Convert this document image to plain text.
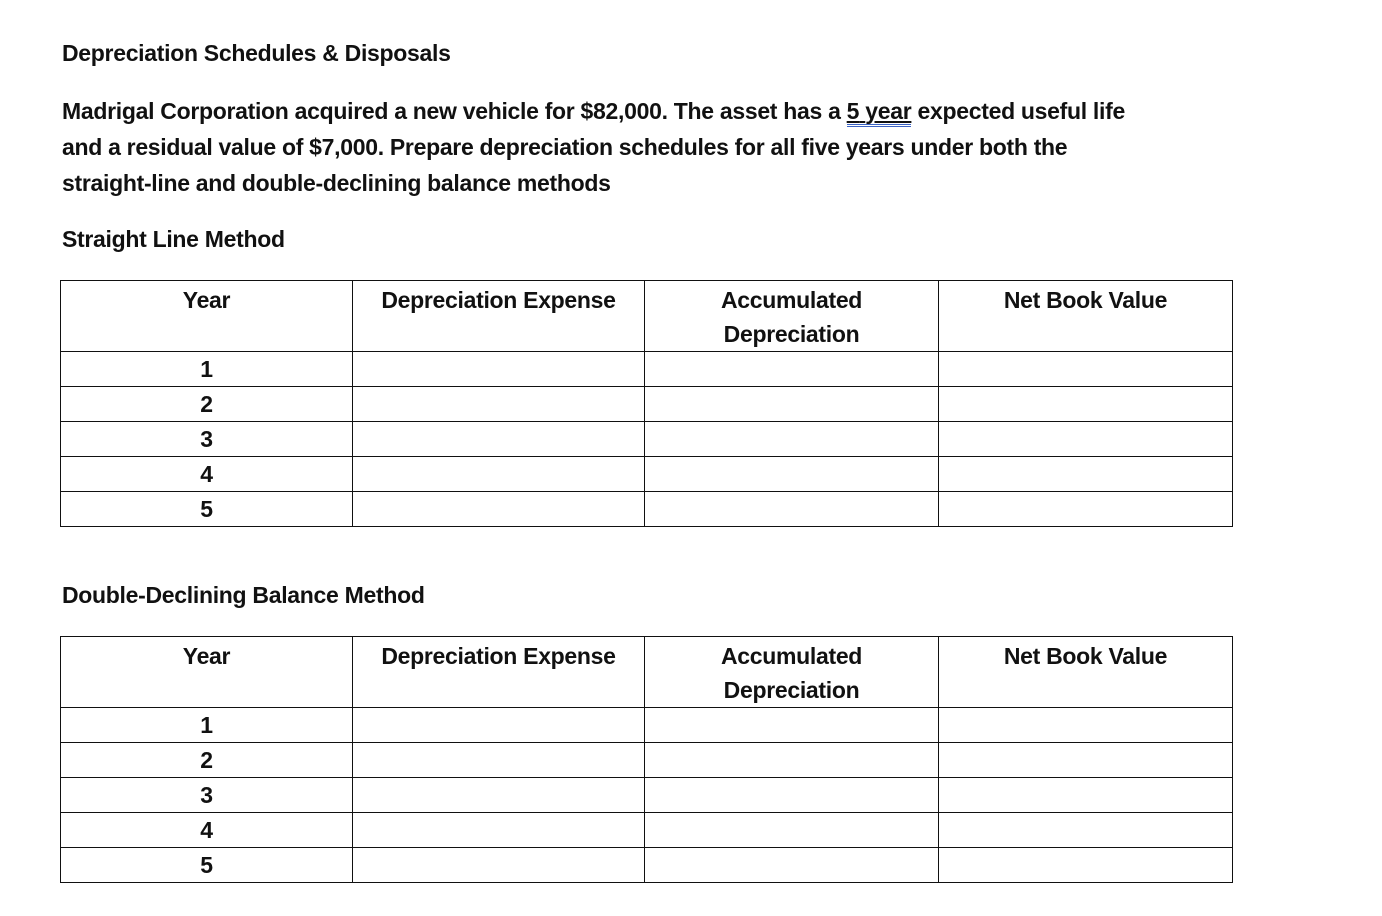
Depreciation Schedules & Disposals
Madrigal Corporation acquired a new vehicle for $82,000. The asset has a 5 year expected useful life
and a residual value of $7,000. Prepare depreciation schedules for all five years under both the
straight-line and double-declining balance methods
Straight Line Method
Year	Depreciation Expense	Accumulated Depreciation	Net Book Value
1			
2			
3			
4			
5			
Double-Declining Balance Method
Year	Depreciation Expense	Accumulated Depreciation	Net Book Value
1			
2			
3			
4			
5			
